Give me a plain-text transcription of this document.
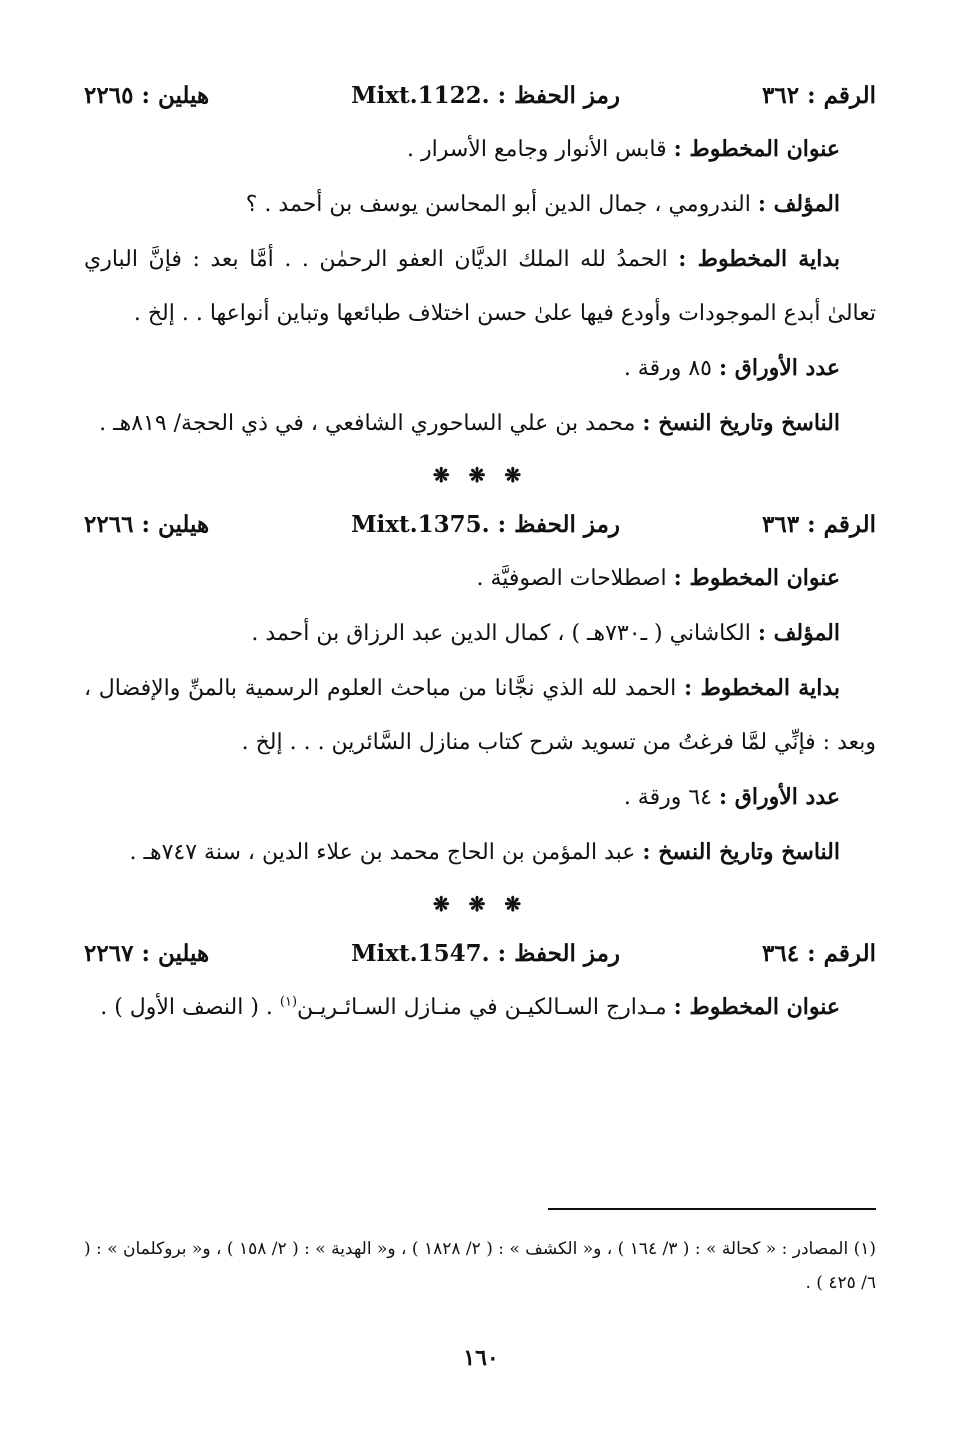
الرقم : ٣٦٢
رمز الحفظ : Mixt.1122.
هيلين : ٢٢٦٥

عنوان المخطوط : قابس الأنوار وجامع الأسرار .

المؤلف : الندرومي ، جمال الدين أبو المحاسن يوسف بن أحمد . ؟

بداية المخطوط : الحمدُ لله الملك الديَّان العفو الرحمٰن . . أمَّا بعد : فإنَّ الباري تعالىٰ أبدع الموجودات وأودع فيها علىٰ حسن اختلاف طبائعها وتباين أنواعها . . إلخ .

عدد الأوراق : ٨٥ ورقة .

الناسخ وتاريخ النسخ : محمد بن علي الساحوري الشافعي ، في ذي الحجة/ ٨١٩هـ .

❋ ❋ ❋
الرقم : ٣٦٣
رمز الحفظ : Mixt.1375.
هيلين : ٢٢٦٦

عنوان المخطوط : اصطلاحات الصوفيَّة .

المؤلف : الكاشاني ( ـ٧٣٠هـ ) ، كمال الدين عبد الرزاق بن أحمد .

بداية المخطوط : الحمد لله الذي نجَّانا من مباحث العلوم الرسمية بالمنِّ والإفضال ، وبعد : فإنِّي لمَّا فرغتُ من تسويد شرح كتاب منازل السَّائرين . . . إلخ .

عدد الأوراق : ٦٤ ورقة .

الناسخ وتاريخ النسخ : عبد المؤمن بن الحاج محمد بن علاء الدين ، سنة ٧٤٧هـ .

❋ ❋ ❋
الرقم : ٣٦٤
رمز الحفظ : Mixt.1547.
هيلين : ٢٢٦٧

عنوان المخطوط : مـدارج السـالكيـن في منـازل السـائـريـن$^{(١)}$ . ( النصف الأول ) .

(١) المصادر : « كحالة » : ( ٣/ ١٦٤ ) ، و« الكشف » : ( ٢/ ١٨٢٨ ) ، و« الهدية » : ( ٢/ ١٥٨ ) ، و« بروكلمان » : ( ٦/ ٤٢٥ ) .
١٦٠
